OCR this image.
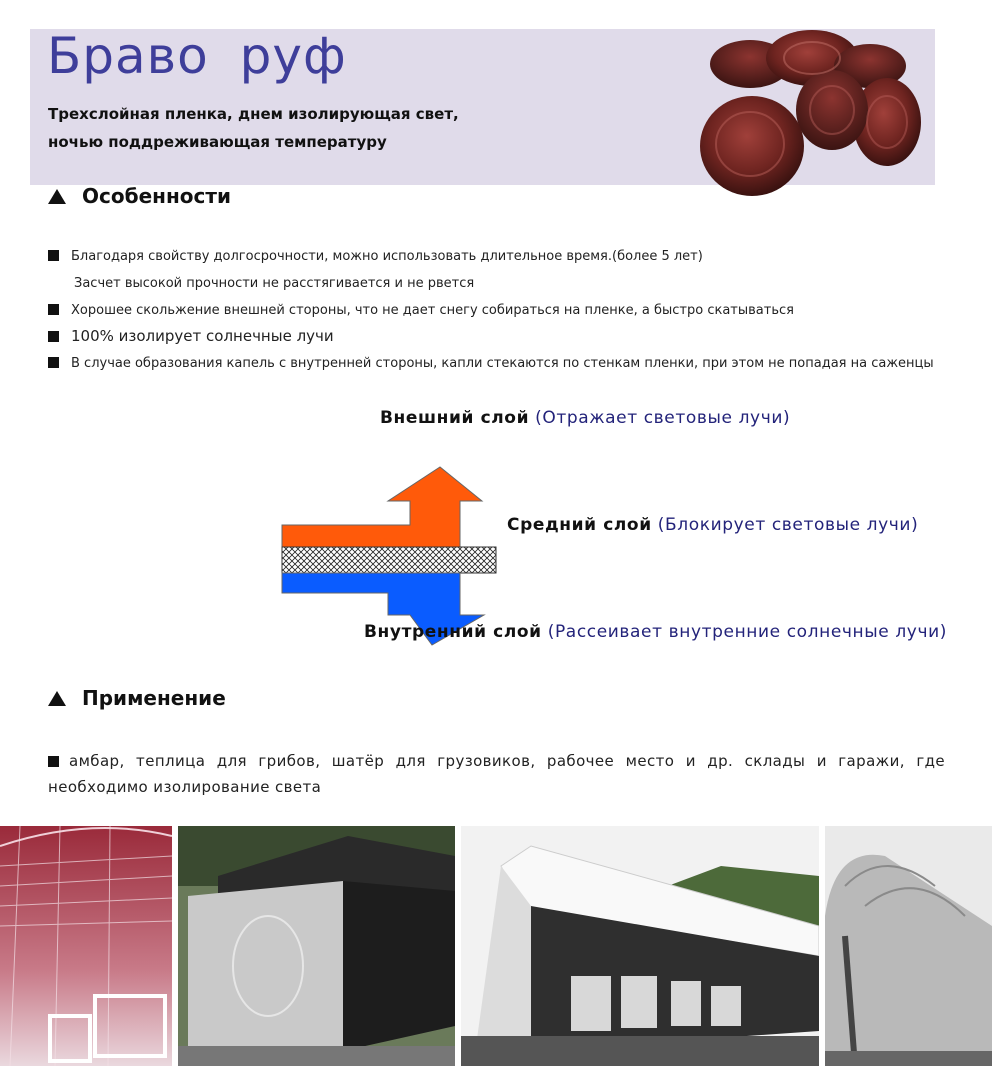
Браво руф
Трехслойная пленка, днем изолирующая свет,
ночью поддреживающая температуру
Особенности
Благодаря свойству долгосрочности, можно использовать длительное время.(более 5 лет)
Засчет высокой прочности не расстягивается и не рвется
Хорошее скольжение внешней стороны, что не дает снегу собираться на пленке, а быстро скатываться
100% изолирует солнечные лучи
В случае образования капель с внутренней стороны, капли стекаются по стенкам пленки, при этом не попадая на саженцы
Внешний слой (Отражает световые лучи)
Средний слой (Блокирует световые лучи)
Внутренний слой (Рассеивает внутренние солнечные лучи)
Применение
амбар, теплица для грибов, шатёр для грузовиков, рабочее место и др. склады и гаражи, где необходимо изолирование света
